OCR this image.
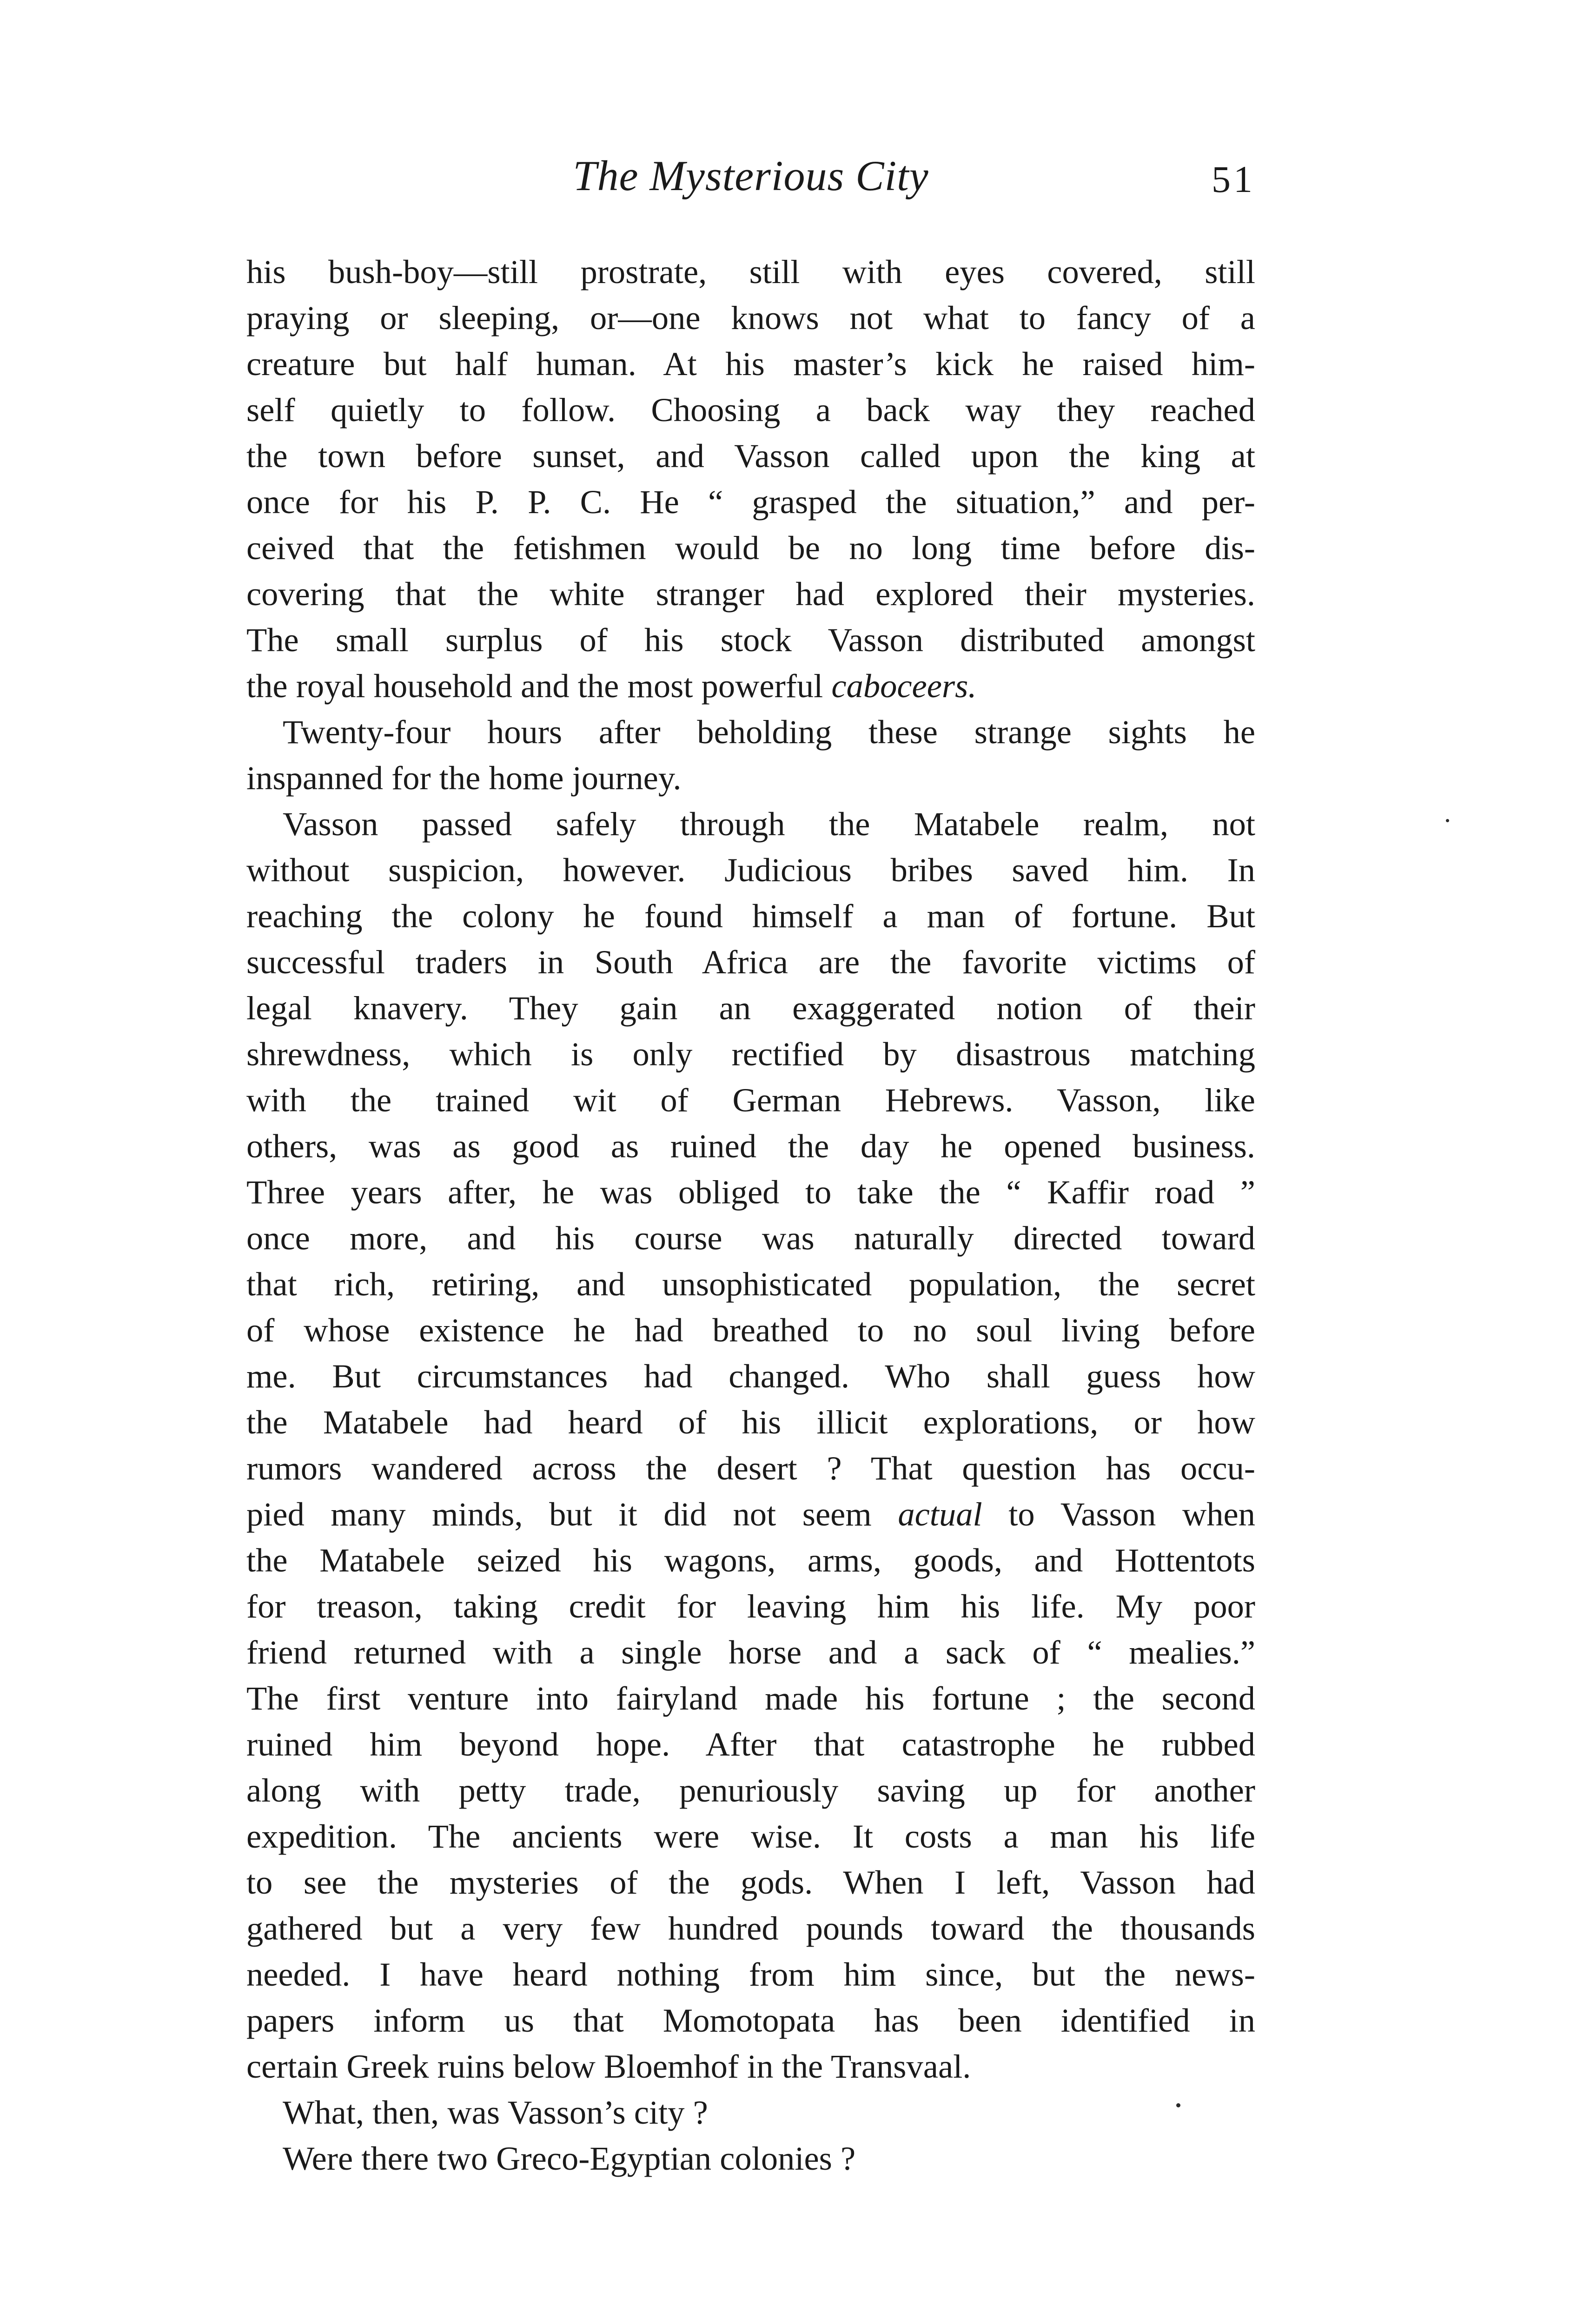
The Mysterious City	51
his bush-boy—still prostrate, still with eyes covered, still
praying or sleeping, or—one knows not what to fancy of a
creature but half human. At his master’s kick he raised him-
self quietly to follow. Choosing a back way they reached
the town before sunset, and Vasson called upon the king at
once for his P. P. C. He “ grasped the situation,” and per-
ceived that the fetishmen would be no long time before dis-
covering that the white stranger had explored their mysteries.
The small surplus of his stock Vasson distributed amongst
the royal household and the most powerful caboceers.
Twenty-four hours after beholding these strange sights he
inspanned for the home journey.
Vasson passed safely through the Matabele realm, not
without suspicion, however. Judicious bribes saved him. In
reaching the colony he found himself a man of fortune. But
successful traders in South Africa are the favorite victims of
legal knavery. They gain an exaggerated notion of their
shrewdness, which is only rectified by disastrous matching
with the trained wit of German Hebrews. Vasson, like
others, was as good as ruined the day he opened business.
Three years after, he was obliged to take the “ Kaffir road ”
once more, and his course was naturally directed toward
that rich, retiring, and unsophisticated population, the secret
of whose existence he had breathed to no soul living before
me. But circumstances had changed. Who shall guess how
the Matabele had heard of his illicit explorations, or how
rumors wandered across the desert ? That question has occu-
pied many minds, but it did not seem actual to Vasson when
the Matabele seized his wagons, arms, goods, and Hottentots
for treason, taking credit for leaving him his life. My poor
friend returned with a single horse and a sack of “ mealies.”
The first venture into fairyland made his fortune ; the second
ruined him beyond hope. After that catastrophe he rubbed
along with petty trade, penuriously saving up for another
expedition. The ancients were wise. It costs a man his life
to see the mysteries of the gods. When I left, Vasson had
gathered but a very few hundred pounds toward the thousands
needed. I have heard nothing from him since, but the news-
papers inform us that Momotopata has been identified in
certain Greek ruins below Bloemhof in the Transvaal.
What, then, was Vasson’s city ?
Were there two Greco-Egyptian colonies ?
